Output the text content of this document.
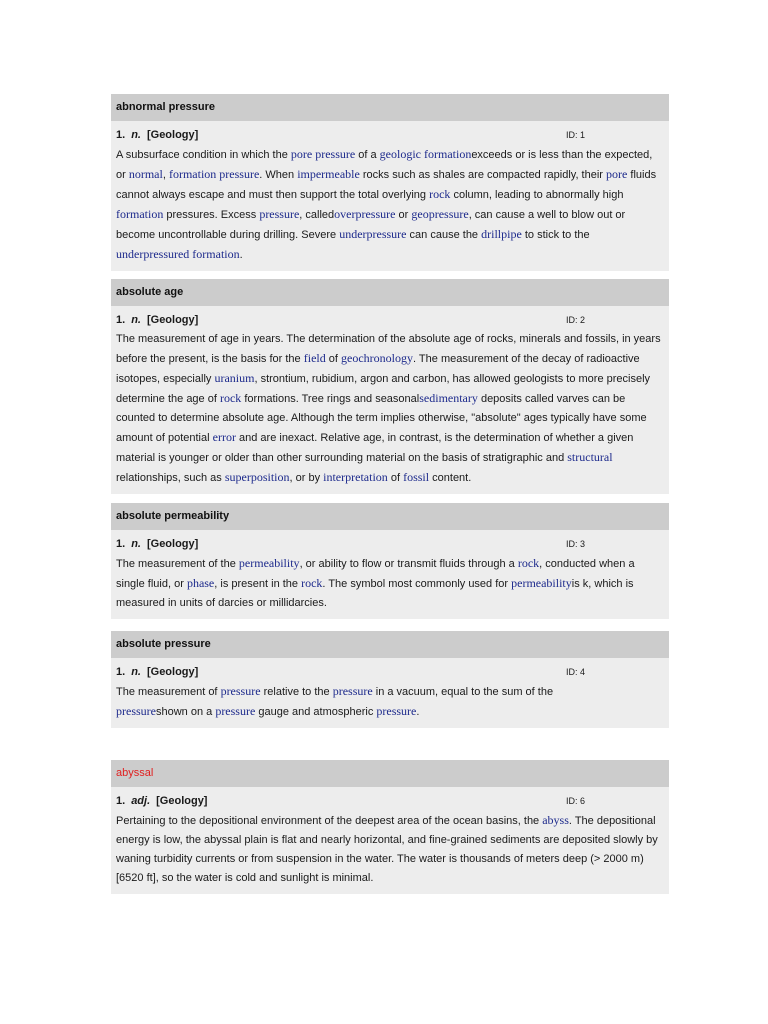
abnormal pressure
1. n. [Geology]	ID: 1

A subsurface condition in which the pore pressure of a geologic formationexceeds or is less than the expected, or normal, formation pressure. When impermeable rocks such as shales are compacted rapidly, their pore fluids cannot always escape and must then support the total overlying rock column, leading to abnormally high formation pressures. Excess pressure, calledoverpressure or geopressure, can cause a well to blow out or become uncontrollable during drilling. Severe underpressure can cause the drillpipe to stick to the underpressured formation.

absolute age
1. n. [Geology]	ID: 2

The measurement of age in years. The determination of the absolute age of rocks, minerals and fossils, in years before the present, is the basis for the field of geochronology. The measurement of the decay of radioactive isotopes, especially uranium, strontium, rubidium, argon and carbon, has allowed geologists to more precisely determine the age of rock formations. Tree rings and seasonalsedimentary deposits called varves can be counted to determine absolute age. Although the term implies otherwise, "absolute" ages typically have some amount of potential error and are inexact. Relative age, in contrast, is the determination of whether a given material is younger or older than other surrounding material on the basis of stratigraphic and structural relationships, such as superposition, or by interpretation of fossil content.

absolute permeability
1. n. [Geology]	ID: 3

The measurement of the permeability, or ability to flow or transmit fluids through a rock, conducted when a single fluid, or phase, is present in the rock. The symbol most commonly used for permeabilityis k, which is measured in units of darcies or millidarcies.

absolute pressure
1. n. [Geology]	ID: 4

The measurement of pressure relative to the pressure in a vacuum, equal to the sum of the pressureshown on a pressure gauge and atmospheric pressure.

abyssal
1. adj. [Geology]	ID: 6

Pertaining to the depositional environment of the deepest area of the ocean basins, the abyss. The depositional energy is low, the abyssal plain is flat and nearly horizontal, and fine-grained sediments are deposited slowly by waning turbidity currents or from suspension in the water. The water is thousands of meters deep (> 2000 m) [6520 ft], so the water is cold and sunlight is minimal.
